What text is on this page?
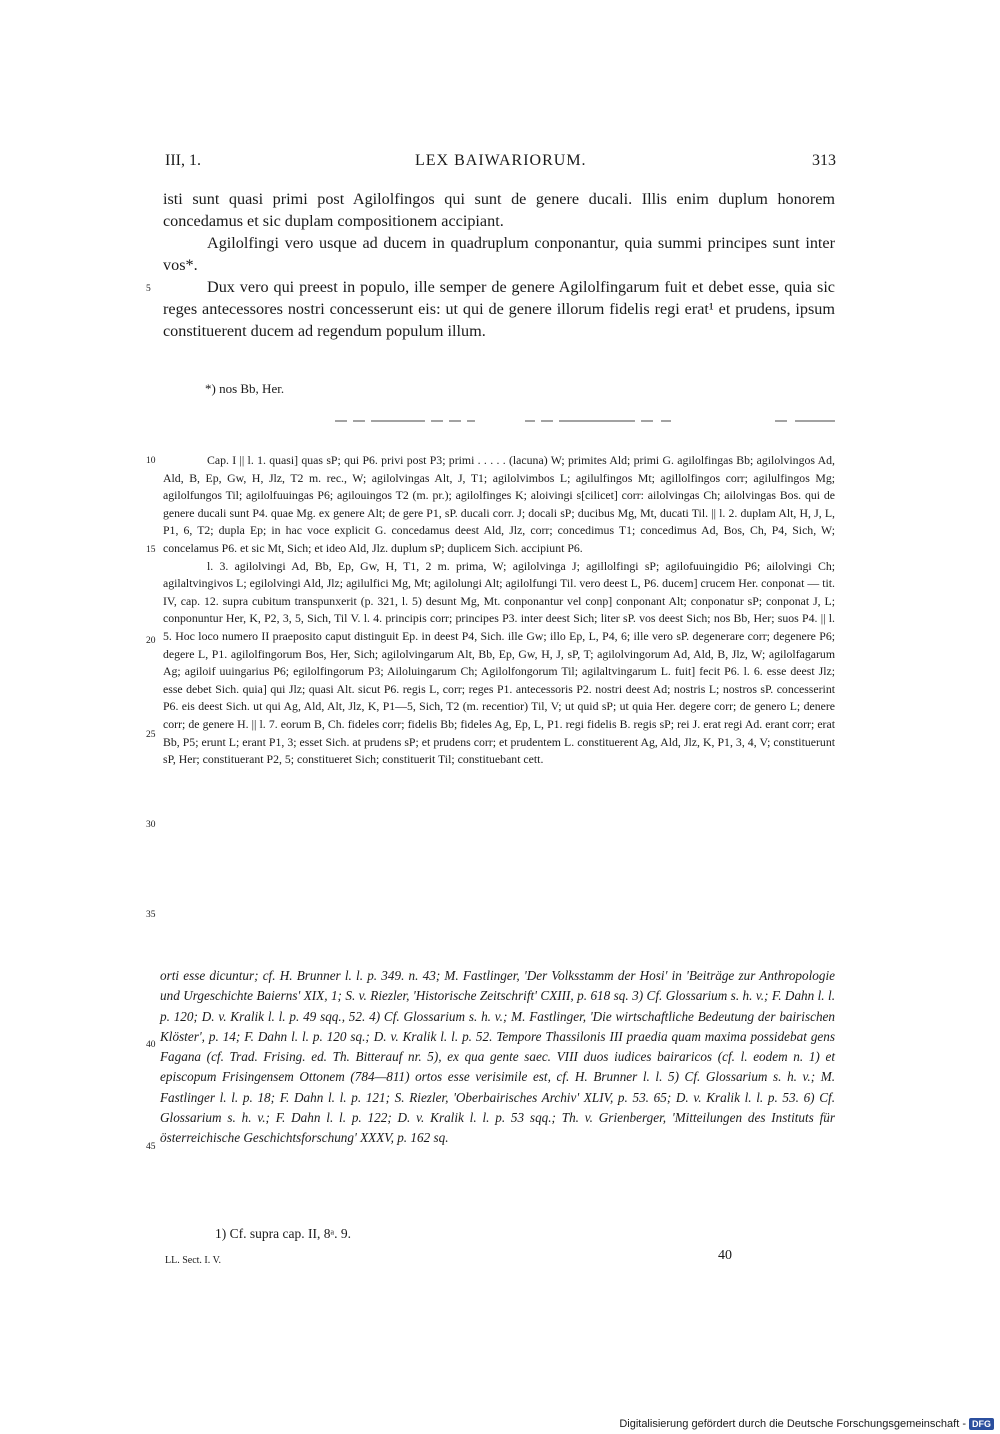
III, 1.	LEX BAIWARIORUM.	313

isti sunt quasi primi post Agilolfingos qui sunt de genere ducali. Illis enim duplum honorem concedamus et sic duplam compositionem accipiant.

Agilolfingi vero usque ad ducem in quadruplum conponantur, quia summi principes sunt inter vos*.

Dux vero qui preest in populo, ille semper de genere Agilolfingarum fuit et debet esse, quia sic reges antecessores nostri concesserunt eis: ut qui de genere illorum fidelis regi erat¹ et prudens, ipsum constituerent ducem ad regendum populum illum.

5
10
15
20
25
30
35
40
45
*) nos Bb, Her.

Cap. I || l. 1. quasi] quas sP; qui P6. privi post P3; primi . . . . . (lacuna) W; primites Ald; primi G. agilolfingas Bb; agilolvingos Ad, Ald, B, Ep, Gw, H, Jlz, T2 m. rec., W; agilolvingas Alt, J, T1; agilolvimbos L; agilulfingos Mt; agillolfingos corr; agilulfingos Mg; agilolfungos Til; agilolfuuingas P6; agilouingos T2 (m. pr.); agilolfinges K; aloivingi s[cilicet] corr: ailolvingas Ch; ailolvingas Bos. qui de genere ducali sunt P4. quae Mg. ex genere Alt; de gere P1, sP. ducali corr. J; docali sP; ducibus Mg, Mt, ducati Til. || l. 2. duplam Alt, H, J, L, P1, 6, T2; dupla Ep; in hac voce explicit G. concedamus deest Ald, Jlz, corr; concedimus T1; concedimus Ad, Bos, Ch, P4, Sich, W; concelamus P6. et sic Mt, Sich; et ideo Ald, Jlz. duplum sP; duplicem Sich. accipiunt P6.

l. 3. agilolvingi Ad, Bb, Ep, Gw, H, T1, 2 m. prima, W; agilolvinga J; agillolfingi sP; agilofuuingidio P6; ailolvingi Ch; agilaltvingivos L; egilolvingi Ald, Jlz; agilulfici Mg, Mt; agilolungi Alt; agilolfungi Til. vero deest L, P6. ducem] crucem Her. conponat — tit. IV, cap. 12. supra cubitum transpunxerit (p. 321, l. 5) desunt Mg, Mt. conponantur vel conp] conponant Alt; conponatur sP; conponat J, L; conponuntur Her, K, P2, 3, 5, Sich, Til V. l. 4. principis corr; principes P3. inter deest Sich; liter sP. vos deest Sich; nos Bb, Her; suos P4. || l. 5. Hoc loco numero II praeposito caput distinguit Ep. in deest P4, Sich. ille Gw; illo Ep, L, P4, 6; ille vero sP. degenerare corr; degenere P6; degere L, P1. agilolfingorum Bos, Her, Sich; agilolvingarum Alt, Bb, Ep, Gw, H, J, sP, T; agilolvingorum Ad, Ald, B, Jlz, W; agilolfagarum Ag; agiloif uuingarius P6; egilolfingorum P3; Ailoluingarum Ch; Agilolfongorum Til; agilaltvingarum L. fuit] fecit P6. l. 6. esse deest Jlz; esse debet Sich. quia] qui Jlz; quasi Alt. sicut P6. regis L, corr; reges P1. antecessoris P2. nostri deest Ad; nostris L; nostros sP. concesserint P6. eis deest Sich. ut qui Ag, Ald, Alt, Jlz, K, P1—5, Sich, T2 (m. recentior) Til, V; ut quid sP; ut quia Her. degere corr; de genero L; denere corr; de genere H. || l. 7. eorum B, Ch. fideles corr; fidelis Bb; fideles Ag, Ep, L, P1. regi fidelis B. regis sP; rei J. erat regi Ad. erant corr; erat Bb, P5; erunt L; erant P1, 3; esset Sich. at prudens sP; et prudens corr; et prudentem L. constituerent Ag, Ald, Jlz, K, P1, 3, 4, V; constituerunt sP, Her; constituerant P2, 5; constitueret Sich; constituerit Til; constituebant cett.

orti esse dicuntur; cf. H. Brunner l. l. p. 349. n. 43; M. Fastlinger, 'Der Volksstamm der Hosi' in 'Beiträge zur Anthropologie und Urgeschichte Baierns' XIX, 1; S. v. Riezler, 'Historische Zeitschrift' CXIII, p. 618 sq. 3) Cf. Glossarium s. h. v.; F. Dahn l. l. p. 120; D. v. Kralik l. l. p. 49 sqq., 52. 4) Cf. Glossarium s. h. v.; M. Fastlinger, 'Die wirtschaftliche Bedeutung der bairischen Klöster', p. 14; F. Dahn l. l. p. 120 sq.; D. v. Kralik l. l. p. 52. Tempore Thassilonis III praedia quam maxima possidebat gens Fagana (cf. Trad. Frising. ed. Th. Bitterauf nr. 5), ex qua gente saec. VIII duos iudices bairaricos (cf. l. eodem n. 1) et episcopum Frisingensem Ottonem (784—811) ortos esse verisimile est, cf. H. Brunner l. l. 5) Cf. Glossarium s. h. v.; M. Fastlinger l. l. p. 18; F. Dahn l. l. p. 121; S. Riezler, 'Oberbairisches Archiv' XLIV, p. 53. 65; D. v. Kralik l. l. p. 53. 6) Cf. Glossarium s. h. v.; F. Dahn l. l. p. 122; D. v. Kralik l. l. p. 53 sqq.; Th. v. Grienberger, 'Mitteilungen des Instituts für österreichische Geschichtsforschung' XXXV, p. 162 sq.

1) Cf. supra cap. II, 8ᵃ. 9.
LL. Sect. I. V.	40
Digitalisierung gefördert durch die Deutsche Forschungsgemeinschaft - DFG
